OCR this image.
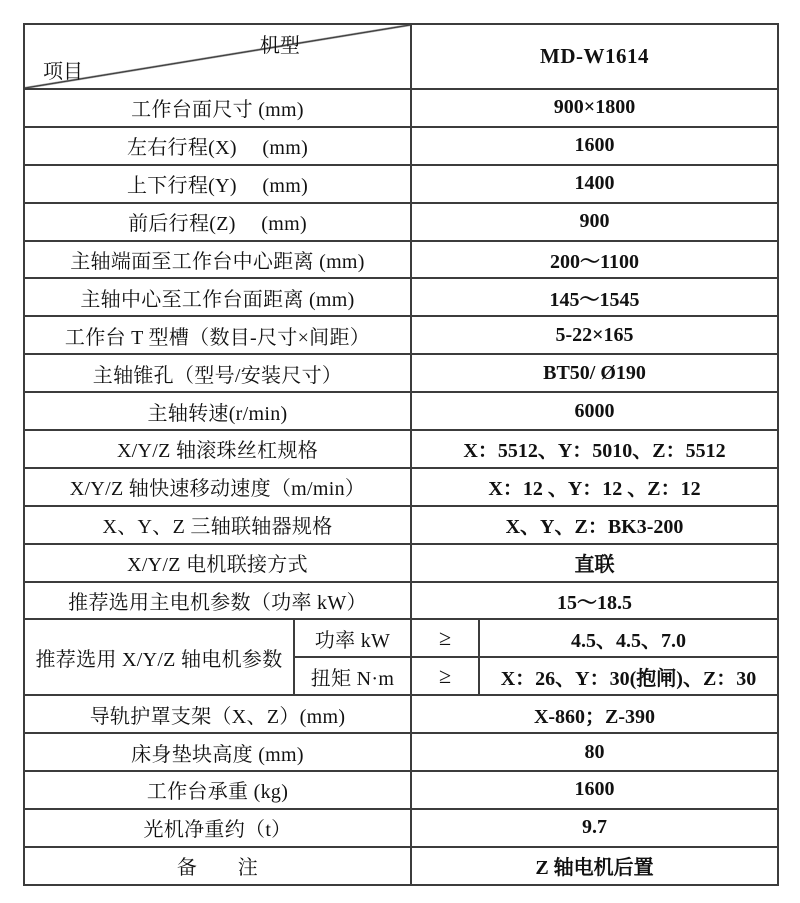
机型
项目		MD-W1614	
工作台面尺寸 (mm)		900×1800	
左右行程(X)　 (mm)		1600	
上下行程(Y)　 (mm)		1400	
前后行程(Z)　 (mm)		900	
主轴端面至工作台中心距离 (mm)		200～1100	
主轴中心至工作台面距离 (mm)		145～1545	
工作台 T 型槽（数目-尺寸×间距）		5-22×165	
主轴锥孔（型号/安装尺寸）		BT50/ Ø190	
主轴转速(r/min)		6000	
X/Y/Z 轴滚珠丝杠规格		X：5512、Y：5010、Z：5512	
X/Y/Z 轴快速移动速度（m/min）		X：12 、Y：12 、Z：12	
X、Y、Z 三轴联轴器规格		X、Y、Z：BK3-200	
X/Y/Z 电机联接方式		直联	
推荐选用主电机参数（功率 kW）		15～18.5	
推荐选用 X/Y/Z 轴电机参数	功率 kW	≥	4.5、4.5、7.0
	扭矩 N·m	≥	X：26、Y：30(抱闸)、Z：30
导轨护罩支架（X、Z）(mm)		X-860；Z-390	
床身垫块高度 (mm)		80	
工作台承重 (kg)		1600	
光机净重约（t）		9.7	
备　　注		Z 轴电机后置	
